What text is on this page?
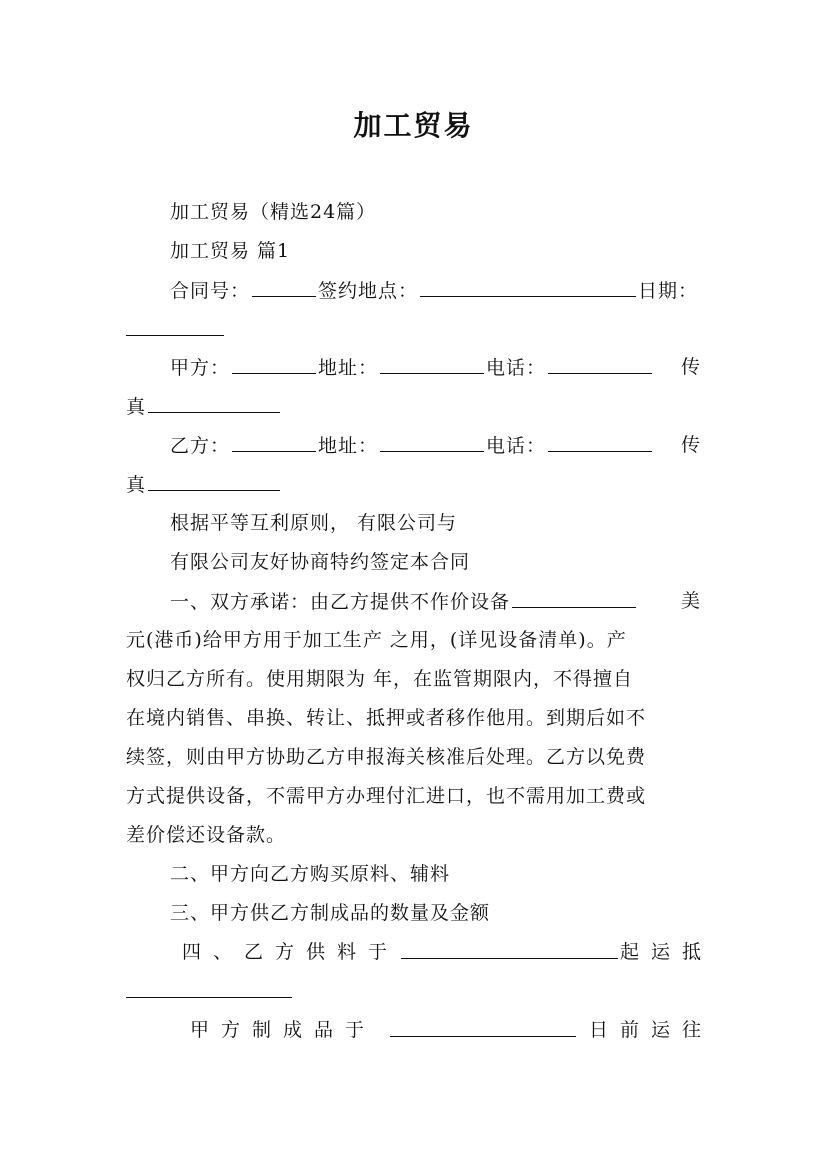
加工贸易
加工贸易（精选24篇）
加工贸易 篇1
合同号：	签约地点：	日期：
甲方：	地址：	电话：	传
真
乙方：	地址：	电话：	传
真
根据平等互利原则， 有限公司与
有限公司友好协商特约签定本合同
一、双方承诺：由乙方提供不作价设备	美
元(港币)给甲方用于加工生产 之用，(详见设备清单)。产
权归乙方所有。使用期限为 年，在监管期限内，不得擅自
在境内销售、串换、转让、抵押或者移作他用。到期后如不
续签，则由甲方协助乙方申报海关核准后处理。乙方以免费
方式提供设备，不需甲方办理付汇进口，也不需用加工费或
差价偿还设备款。
二、甲方向乙方购买原料、辅料
三、甲方供乙方制成品的数量及金额
四、乙方供料于	起运抵
甲方制成品于	日前运往
